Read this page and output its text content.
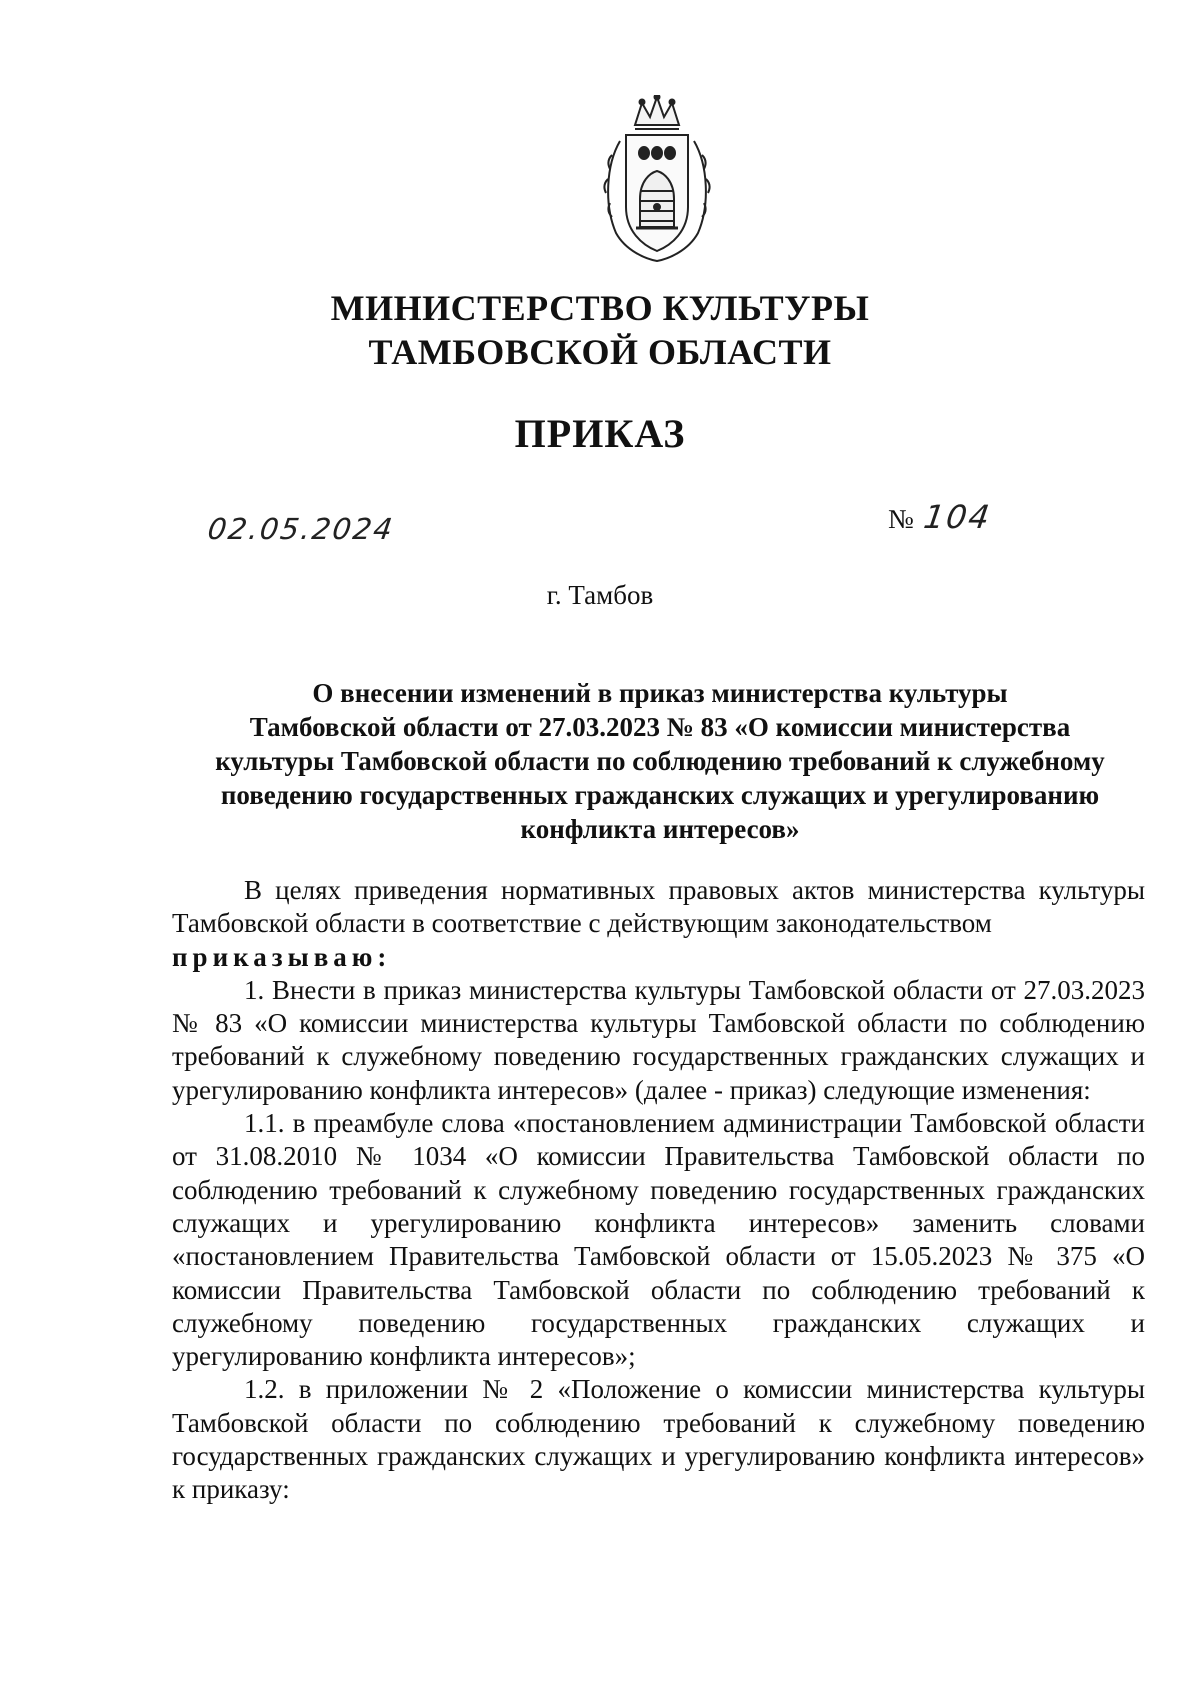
МИНИСТЕРСТВО КУЛЬТУРЫ
ТАМБОВСКОЙ ОБЛАСТИ
ПРИКАЗ
02.05.2024	№ 104
г. Тамбов
О внесении изменений в приказ министерства культуры
Тамбовской области от 27.03.2023 № 83 «О комиссии министерства
культуры Тамбовской области по соблюдению требований к служебному
поведению государственных гражданских служащих и урегулированию
конфликта интересов»

В целях приведения нормативных правовых актов министерства культуры Тамбовской области в соответствие с действующим законодательством

приказываю:

1. Внести в приказ министерства культуры Тамбовской области от 27.03.2023 № 83 «О комиссии министерства культуры Тамбовской области по соблюдению требований к служебному поведению государственных гражданских служащих и урегулированию конфликта интересов» (далее - приказ) следующие изменения:

1.1. в преамбуле слова «постановлением администрации Тамбовской области от 31.08.2010 № 1034 «О комиссии Правительства Тамбовской области по соблюдению требований к служебному поведению государственных гражданских служащих и урегулированию конфликта интересов» заменить словами «постановлением Правительства Тамбовской области от 15.05.2023 № 375 «О комиссии Правительства Тамбовской области по соблюдению требований к служебному поведению государственных гражданских служащих и урегулированию конфликта интересов»;

1.2. в приложении № 2 «Положение о комиссии министерства культуры Тамбовской области по соблюдению требований к служебному поведению государственных гражданских служащих и урегулированию конфликта интересов» к приказу:
